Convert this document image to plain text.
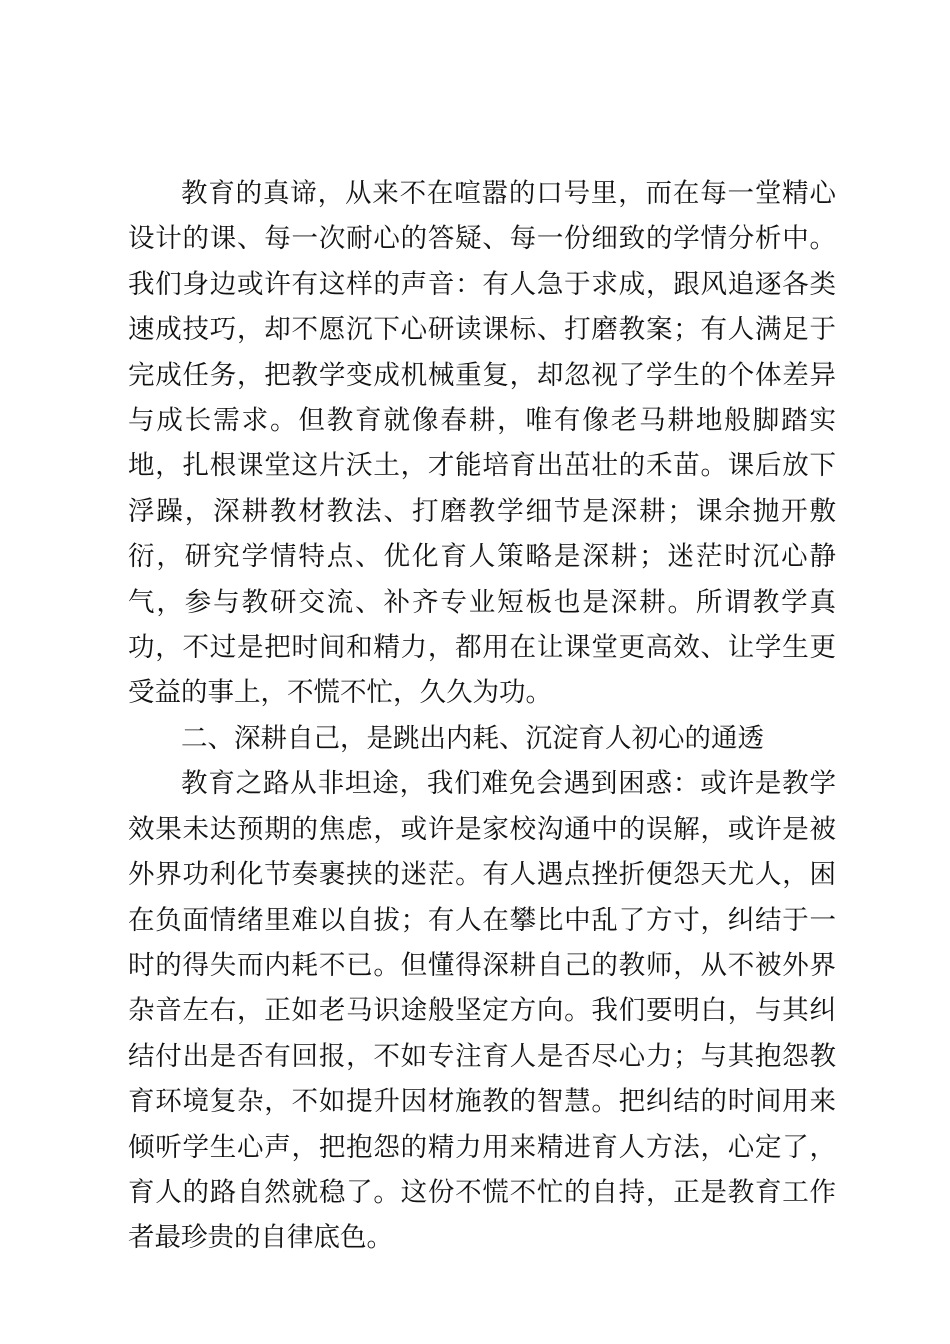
教育的真谛，从来不在喧嚣的口号里，而在每一堂精心设计的课、每一次耐心的答疑、每一份细致的学情分析中。我们身边或许有这样的声音：有人急于求成，跟风追逐各类速成技巧，却不愿沉下心研读课标、打磨教案；有人满足于完成任务，把教学变成机械重复，却忽视了学生的个体差异与成长需求。但教育就像春耕，唯有像老马耕地般脚踏实地，扎根课堂这片沃土，才能培育出茁壮的禾苗。课后放下浮躁，深耕教材教法、打磨教学细节是深耕；课余抛开敷衍，研究学情特点、优化育人策略是深耕；迷茫时沉心静气，参与教研交流、补齐专业短板也是深耕。所谓教学真功，不过是把时间和精力，都用在让课堂更高效、让学生更受益的事上，不慌不忙，久久为功。

二、深耕自己，是跳出内耗、沉淀育人初心的通透

教育之路从非坦途，我们难免会遇到困惑：或许是教学效果未达预期的焦虑，或许是家校沟通中的误解，或许是被外界功利化节奏裹挟的迷茫。有人遇点挫折便怨天尤人，困在负面情绪里难以自拔；有人在攀比中乱了方寸，纠结于一时的得失而内耗不已。但懂得深耕自己的教师，从不被外界杂音左右，正如老马识途般坚定方向。我们要明白，与其纠结付出是否有回报，不如专注育人是否尽心力；与其抱怨教育环境复杂，不如提升因材施教的智慧。把纠结的时间用来倾听学生心声，把抱怨的精力用来精进育人方法，心定了，育人的路自然就稳了。这份不慌不忙的自持，正是教育工作者最珍贵的自律底色。
